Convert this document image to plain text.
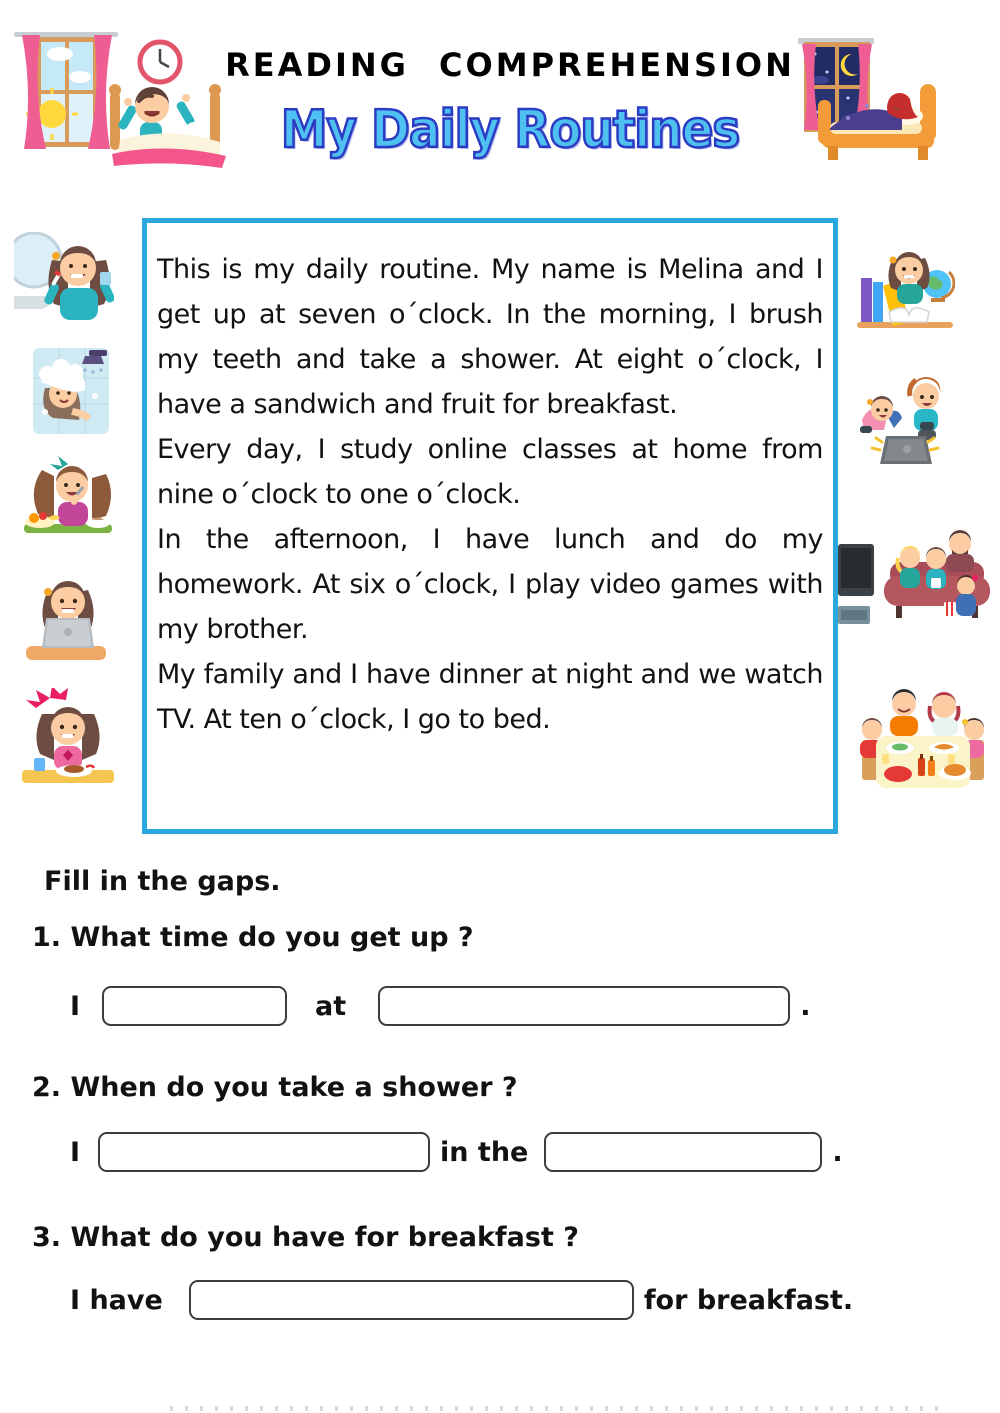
READING COMPREHENSION
My Daily Routines

This is my daily routine. My name is Melina and I get up at seven o´clock. In the morning, I brush my teeth and take a shower. At eight o´clock, I have a sandwich and fruit for breakfast.

Every day, I study online classes at home from nine o´clock to one o´clock.

In the afternoon, I have lunch and do my homework. At six o´clock, I play video games with my brother.

My family and I have dinner at night and we watch TV. At ten o´clock, I go to bed.

Fill in the gaps.
1. What time do you get up ?
I	at	.
2. When do you take a shower ?
I	in the	.
3. What do you have for breakfast ?
I have	for breakfast.
